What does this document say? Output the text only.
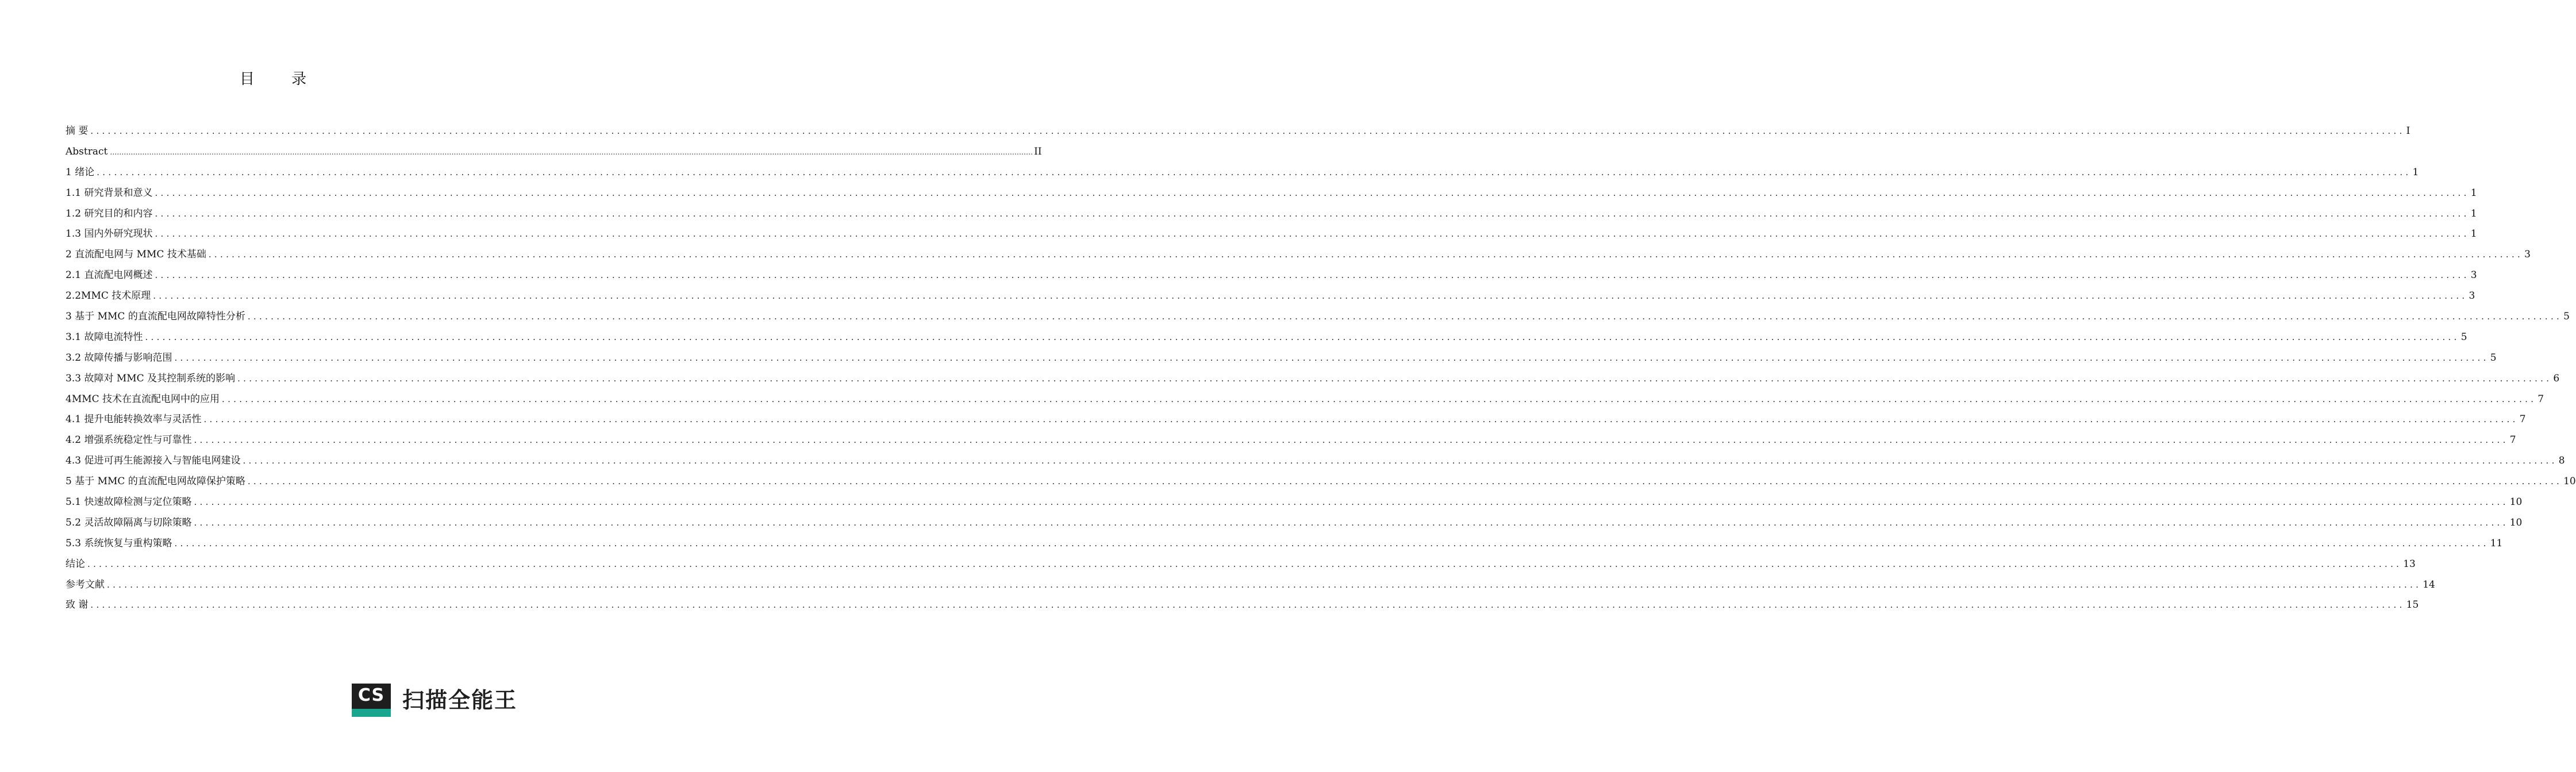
目 录
摘 要 ................................................................................................................................................................................................................................................................................................................................................................................................................ I
Abstract ................................................................................................................................................................................................................................................................................................................................................................................................................ II
1 绪论 ................................................................................................................................................................................................................................................................................................................................................................................................................ 1
1.1 研究背景和意义 ................................................................................................................................................................................................................................................................................................................................................................................................................ 1
1.2 研究目的和内容 ................................................................................................................................................................................................................................................................................................................................................................................................................ 1
1.3 国内外研究现状 ................................................................................................................................................................................................................................................................................................................................................................................................................ 1
2 直流配电网与 MMC 技术基础 ................................................................................................................................................................................................................................................................................................................................................................................................................ 3
2.1 直流配电网概述 ................................................................................................................................................................................................................................................................................................................................................................................................................ 3
2.2MMC 技术原理 ................................................................................................................................................................................................................................................................................................................................................................................................................ 3
3 基于 MMC 的直流配电网故障特性分析 ................................................................................................................................................................................................................................................................................................................................................................................................................ 5
3.1 故障电流特性 ................................................................................................................................................................................................................................................................................................................................................................................................................ 5
3.2 故障传播与影响范围 ................................................................................................................................................................................................................................................................................................................................................................................................................ 5
3.3 故障对 MMC 及其控制系统的影响 ................................................................................................................................................................................................................................................................................................................................................................................................................ 6
4MMC 技术在直流配电网中的应用 ................................................................................................................................................................................................................................................................................................................................................................................................................ 7
4.1 提升电能转换效率与灵活性 ................................................................................................................................................................................................................................................................................................................................................................................................................ 7
4.2 增强系统稳定性与可靠性 ................................................................................................................................................................................................................................................................................................................................................................................................................ 7
4.3 促进可再生能源接入与智能电网建设 ................................................................................................................................................................................................................................................................................................................................................................................................................ 8
5 基于 MMC 的直流配电网故障保护策略 ................................................................................................................................................................................................................................................................................................................................................................................................................ 10
5.1 快速故障检测与定位策略 ................................................................................................................................................................................................................................................................................................................................................................................................................ 10
5.2 灵活故障隔离与切除策略 ................................................................................................................................................................................................................................................................................................................................................................................................................ 10
5.3 系统恢复与重构策略 ................................................................................................................................................................................................................................................................................................................................................................................................................ 11
结论 ................................................................................................................................................................................................................................................................................................................................................................................................................ 13
参考文献 ................................................................................................................................................................................................................................................................................................................................................................................................................ 14
致 谢 ................................................................................................................................................................................................................................................................................................................................................................................................................ 15
CS 扫描全能王
